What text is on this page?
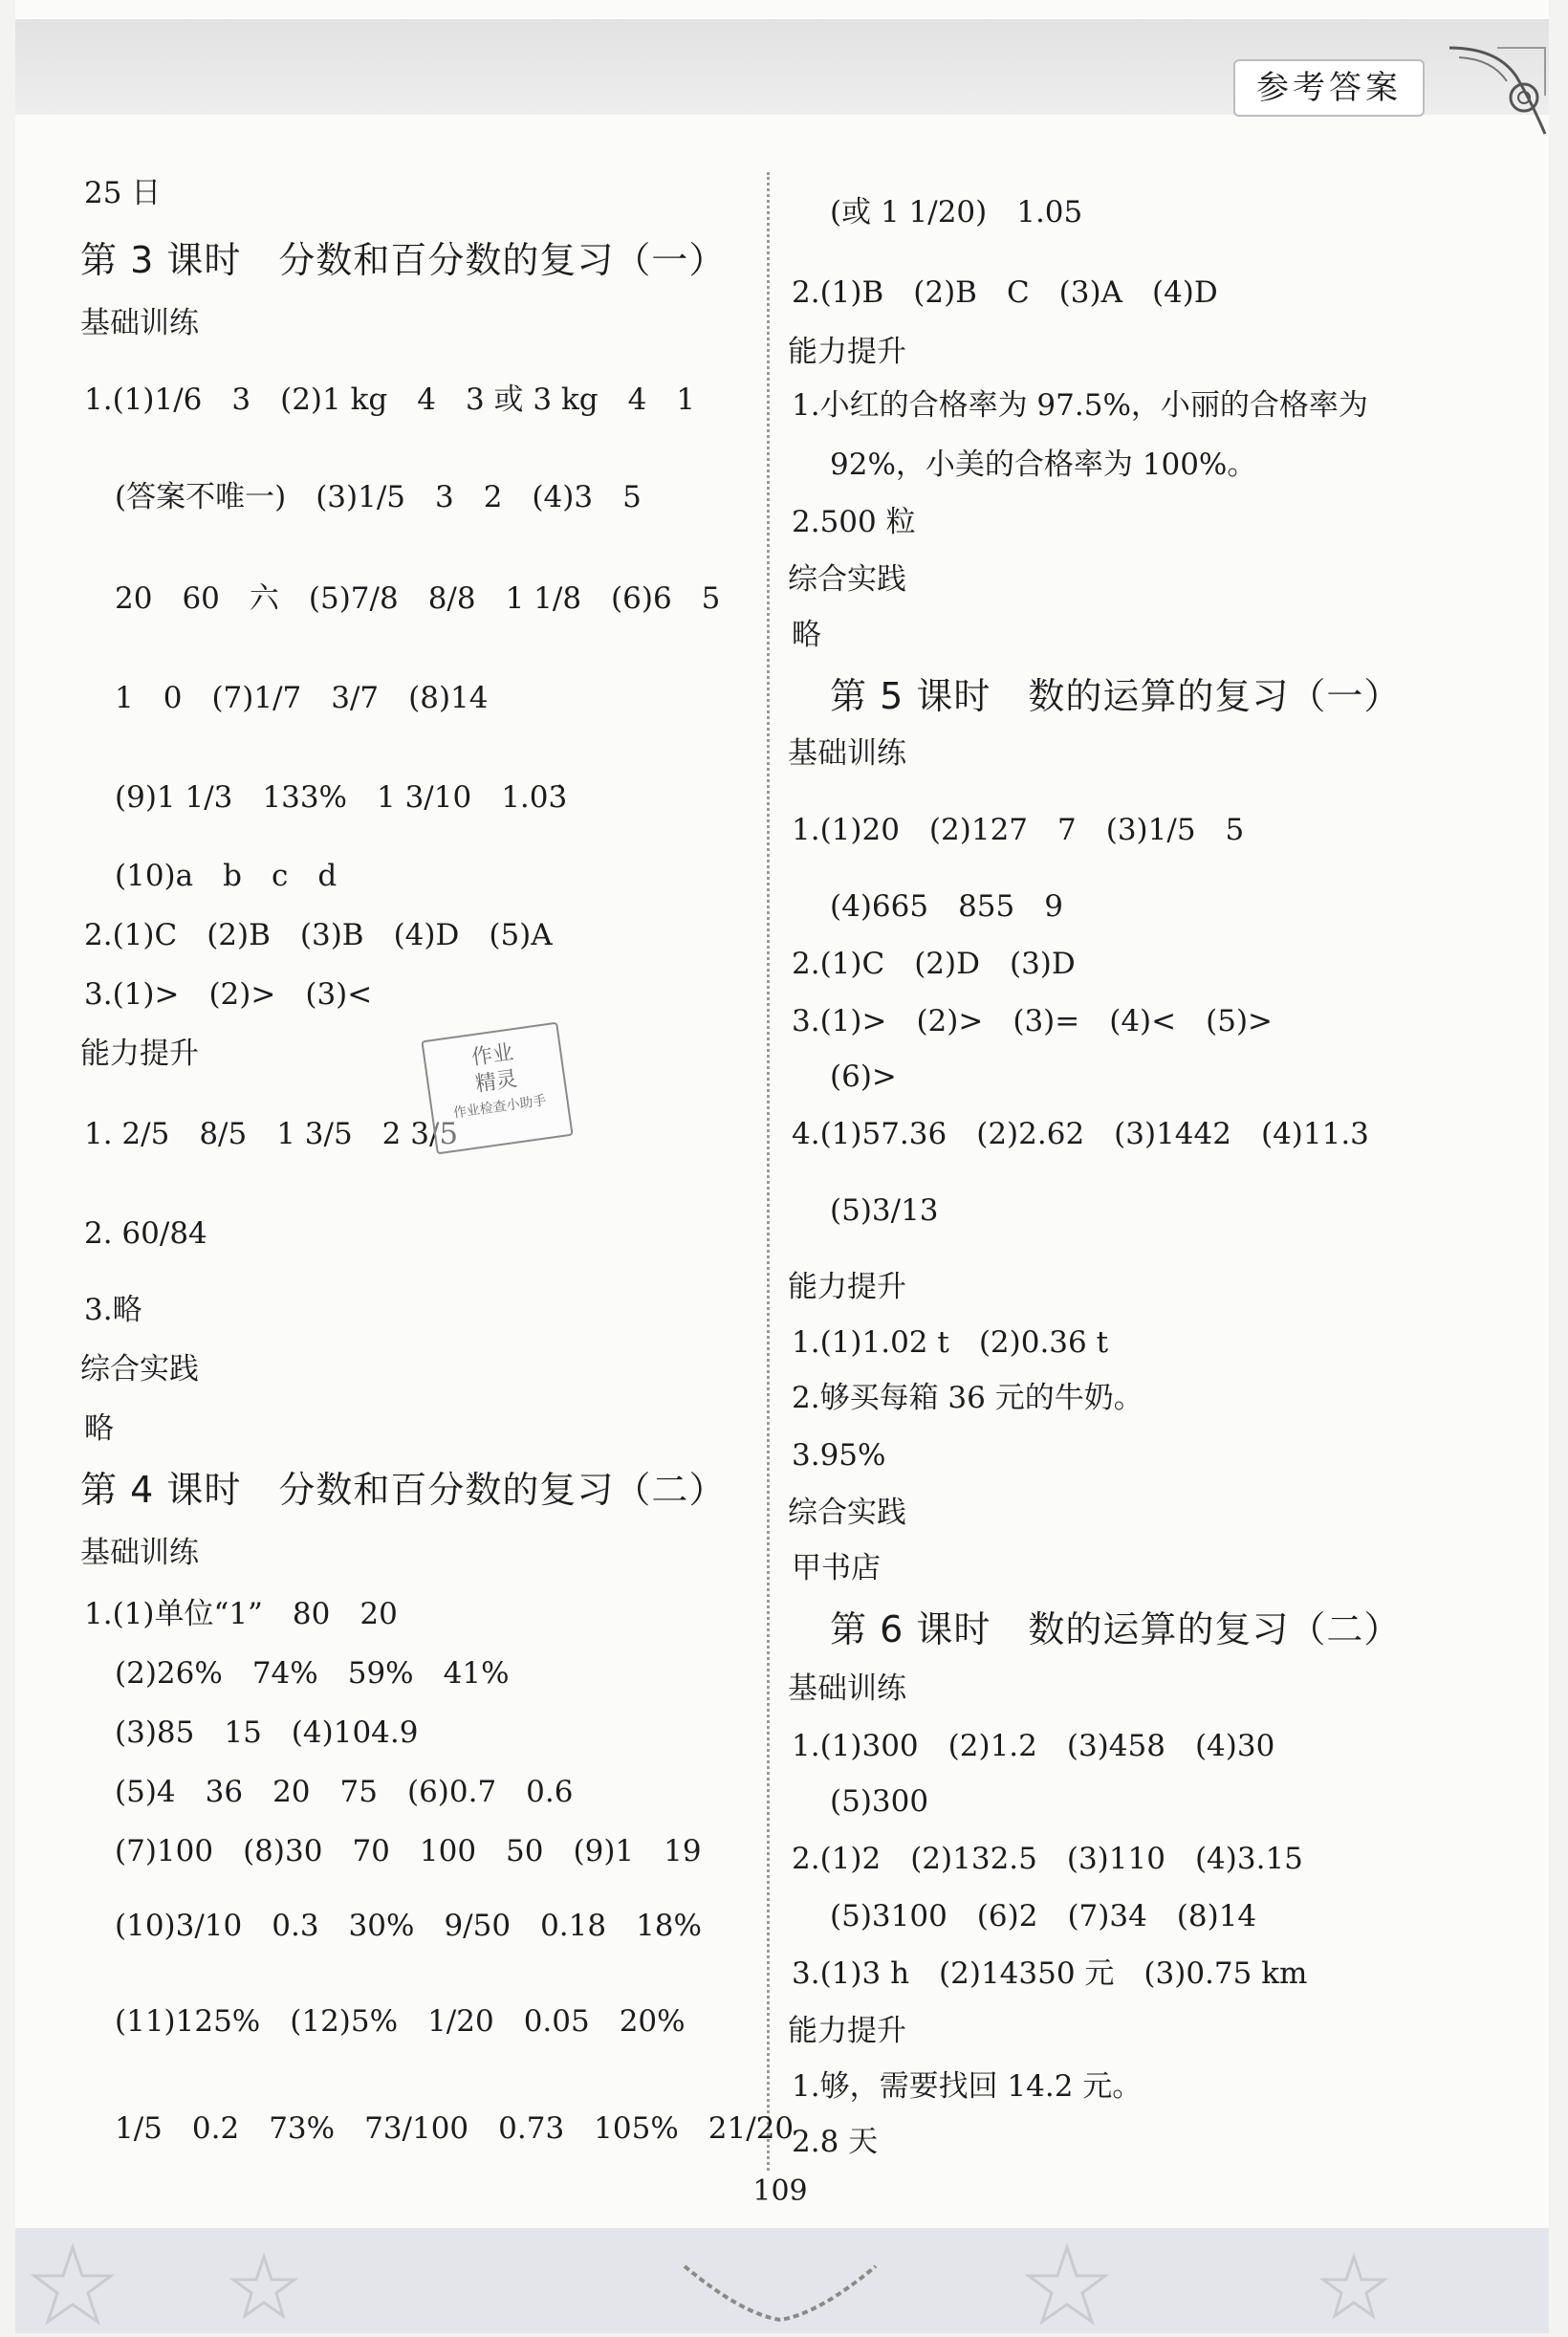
参考答案
25 日
第 3 课时　分数和百分数的复习（一）
基础训练
1.(1)1/6　3　(2)1 kg　4　3 或 3 kg　4　1
(答案不唯一)　(3)1/5　3　2　(4)3　5
20　60　六　(5)7/8　8/8　1 1/8　(6)6　5
1　0　(7)1/7　3/7　(8)14
(9)1 1/3　133%　1 3/10　1.03̇
(10)a　b　c　d
2.(1)C　(2)B　(3)B　(4)D　(5)A
3.(1)>　(2)>　(3)<
能力提升
1. 2/5　8/5　1 3/5　2 3/5
2. 60/84
3.略
综合实践
略
第 4 课时　分数和百分数的复习（二）
基础训练
1.(1)单位“1”　80　20
(2)26%　74%　59%　41%
(3)85　15　(4)104.9
(5)4　36　20　75　(6)0.7　0.6
(7)100　(8)30　70　100　50　(9)1　19
(10)3/10　0.3　30%　9/50　0.18　18%
(11)125%　(12)5%　1/20　0.05　20%
1/5　0.2　73%　73/100　0.73　105%　21/20
作业
精灵
作业检查小助手
(或 1 1/20)　1.05
2.(1)B　(2)B　C　(3)A　(4)D
能力提升
1.小红的合格率为 97.5%，小丽的合格率为
92%，小美的合格率为 100%。
2.500 粒
综合实践
略
第 5 课时　数的运算的复习（一）
基础训练
1.(1)20　(2)127　7　(3)1/5　5
(4)665　855　9
2.(1)C　(2)D　(3)D
3.(1)>　(2)>　(3)=　(4)<　(5)>
(6)>
4.(1)57.36　(2)2.62　(3)1442　(4)11.3
(5)3/13
能力提升
1.(1)1.02 t　(2)0.36 t
2.够买每箱 36 元的牛奶。
3.95%
综合实践
甲书店
第 6 课时　数的运算的复习（二）
基础训练
1.(1)300　(2)1.2　(3)458　(4)30
(5)300
2.(1)2　(2)132.5　(3)110　(4)3.15
(5)3100　(6)2　(7)34　(8)14
3.(1)3 h　(2)14350 元　(3)0.75 km
能力提升
1.够，需要找回 14.2 元。
2.8 天
109
